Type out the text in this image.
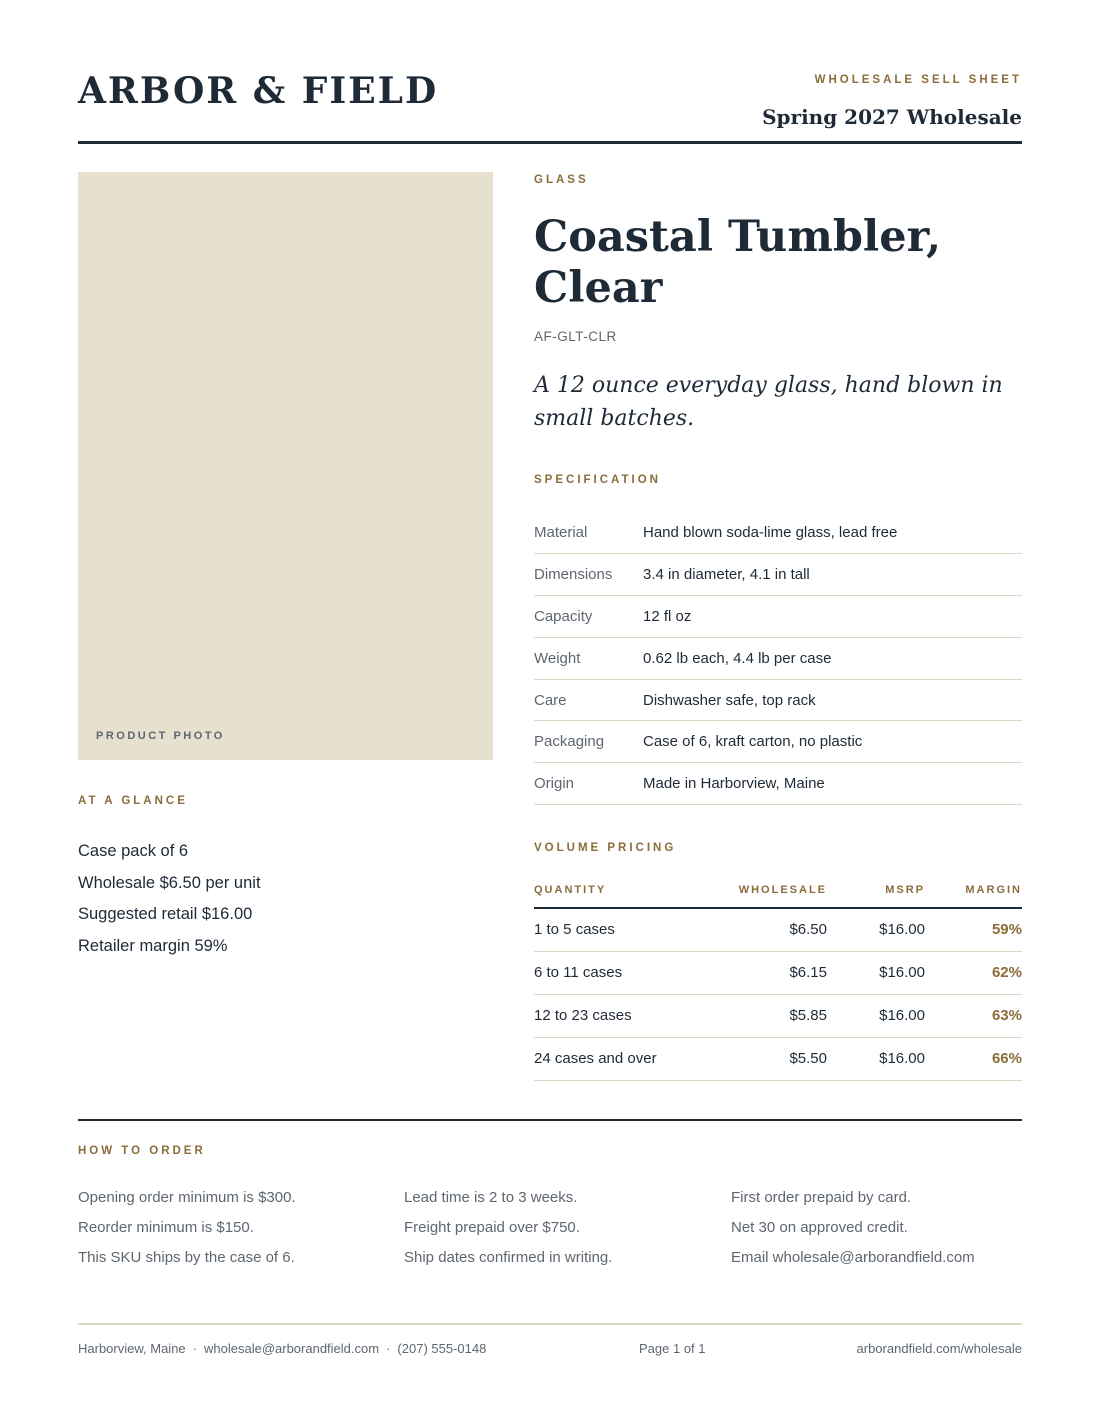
ARBOR & FIELD	WHOLESALE SELL SHEET
Spring 2027 Wholesale
PRODUCT PHOTO
AT A GLANCE
Case pack of 6
Wholesale $6.50 per unit
Suggested retail $16.00
Retailer margin 59%
GLASS
Coastal Tumbler,
Clear
AF-GLT-CLR
A 12 ounce everyday glass, hand blown in small batches.
SPECIFICATION
Material	Hand blown soda-lime glass, lead free
Dimensions	3.4 in diameter, 4.1 in tall
Capacity	12 fl oz
Weight	0.62 lb each, 4.4 lb per case
Care	Dishwasher safe, top rack
Packaging	Case of 6, kraft carton, no plastic
Origin	Made in Harborview, Maine
VOLUME PRICING
QUANTITY	WHOLESALE	MSRP	MARGIN
1 to 5 cases	$6.50	$16.00	59%
6 to 11 cases	$6.15	$16.00	62%
12 to 23 cases	$5.85	$16.00	63%
24 cases and over	$5.50	$16.00	66%
HOW TO ORDER
Opening order minimum is $300.
Reorder minimum is $150.
This SKU ships by the case of 6.
Lead time is 2 to 3 weeks.
Freight prepaid over $750.
Ship dates confirmed in writing.
First order prepaid by card.
Net 30 on approved credit.
Email wholesale@arborandfield.com
Harborview, Maine · wholesale@arborandfield.com · (207) 555-0148	Page 1 of 1	arborandfield.com/wholesale
